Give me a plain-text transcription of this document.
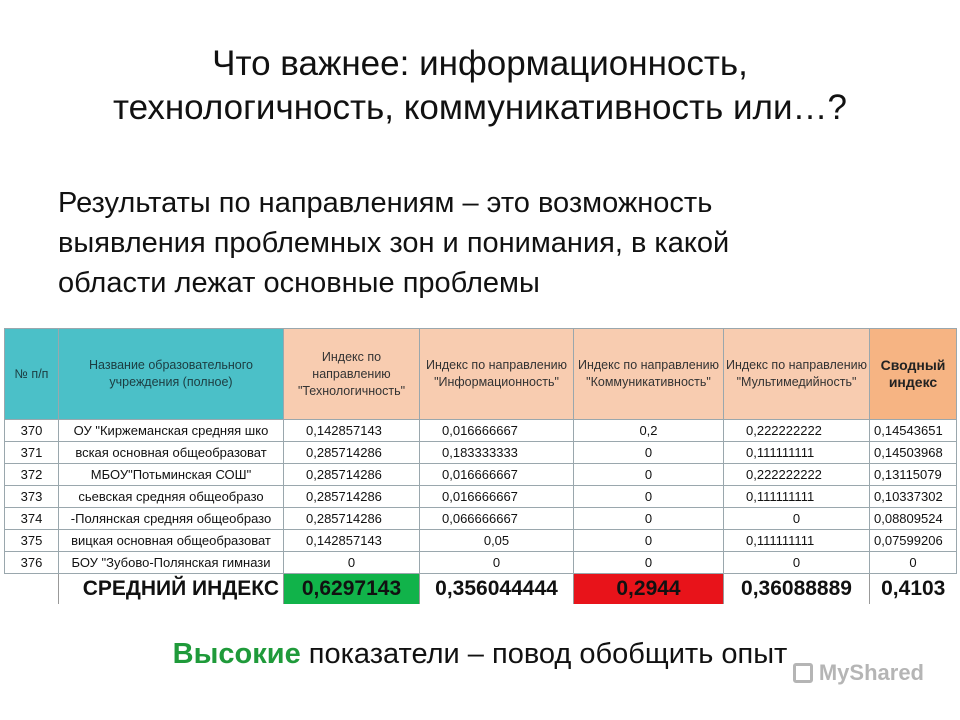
Что важнее: информационность,
технологичность, коммуникативность или…?
Результаты по направлениям – это возможность
выявления проблемных зон и понимания, в какой
области лежат основные проблемы
№ п/п	Название образовательного учреждения (полное)	Индекс по направлению "Технологичность"	Индекс по направлению "Информационность"	Индекс по направлению "Коммуникативность"	Индекс по направлению "Мультимедийность"	Сводный индекс
370	ОУ "Киржеманская средняя шко	0,142857143	0,016666667	0,2	0,222222222	0,14543651
371	вская основная общеобразоват	0,285714286	0,183333333	0	0,111111111	0,14503968
372	МБОУ"Потьминская СОШ"	0,285714286	0,016666667	0	0,222222222	0,13115079
373	сьевская средняя общеобразо	0,285714286	0,016666667	0	0,111111111	0,10337302
374	-Полянская средняя общеобразо	0,285714286	0,066666667	0	0	0,08809524
375	вицкая основная общеобразоват	0,142857143	0,05	0	0,111111111	0,07599206
376	БОУ "Зубово-Полянская гимнази	0	0	0	0	0
	СРЕДНИЙ ИНДЕКС	0,6297143	0,356044444	0,2944	0,36088889	0,4103
Высокие показатели – повод обобщить опыт
MyShared
